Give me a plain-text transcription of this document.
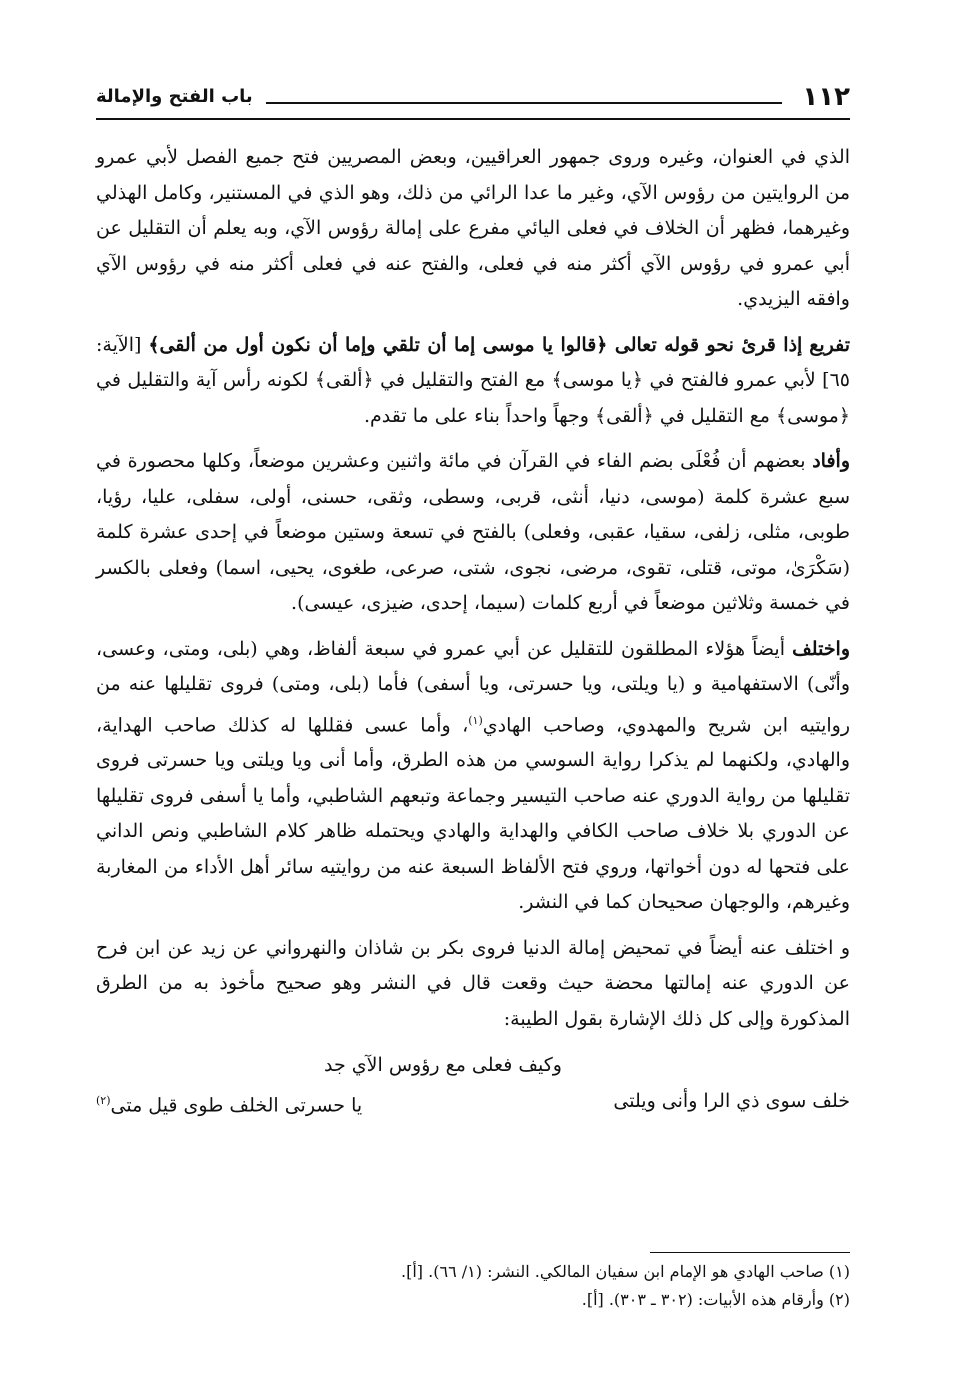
١١٢
باب الفتح والإمالة

الذي في العنوان، وغيره وروى جمهور العراقيين، وبعض المصريين فتح جميع الفصل لأبي عمرو من الروايتين من رؤوس الآي، وغير ما عدا الرائي من ذلك، وهو الذي في المستنير، وكامل الهذلي وغيرهما، فظهر أن الخلاف في فعلى اليائي مفرع على إمالة رؤوس الآي، وبه يعلم أن التقليل عن أبي عمرو في رؤوس الآي أكثر منه في فعلى، والفتح عنه في فعلى أكثر منه في رؤوس الآي وافقه اليزيدي.

تفريع إذا قرئ نحو قوله تعالى ﴿قالوا يا موسى إما أن تلقي وإما أن نكون أول من ألقى﴾ [الآية: ٦٥] لأبي عمرو فالفتح في ﴿يا موسى﴾ مع الفتح والتقليل في ﴿ألقى﴾ لكونه رأس آية والتقليل في ﴿موسى﴾ مع التقليل في ﴿ألقى﴾ وجهاً واحداً بناء على ما تقدم.

وأفاد بعضهم أن فُعْلَى بضم الفاء في القرآن في مائة واثنين وعشرين موضعاً، وكلها محصورة في سبع عشرة كلمة (موسى، دنيا، أنثى، قربى، وسطى، وثقى، حسنى، أولى، سفلى، عليا، رؤيا، طوبى، مثلى، زلفى، سقيا، عقبى، وفعلى) بالفتح في تسعة وستين موضعاً في إحدى عشرة كلمة (سَكْرَىٰ، موتى، قتلى، تقوى، مرضى، نجوى، شتى، صرعى، طغوى، يحيى، اسما) وفعلى بالكسر في خمسة وثلاثين موضعاً في أربع كلمات (سيما، إحدى، ضيزى، عيسى).

واختلف أيضاً هؤلاء المطلقون للتقليل عن أبي عمرو في سبعة ألفاظ، وهي (بلى، ومتى، وعسى، وأنّى) الاستفهامية و (يا ويلتى، ويا حسرتى، ويا أسفى) فأما (بلى، ومتى) فروى تقليلها عنه من روايتيه ابن شريح والمهدوي، وصاحب الهادي$^{(١)}$، وأما عسى فقللها له كذلك صاحب الهداية، والهادي، ولكنهما لم يذكرا رواية السوسي من هذه الطرق، وأما أنى ويا ويلتى ويا حسرتى فروى تقليلها من رواية الدوري عنه صاحب التيسير وجماعة وتبعهم الشاطبي، وأما يا أسفى فروى تقليلها عن الدوري بلا خلاف صاحب الكافي والهداية والهادي ويحتمله ظاهر كلام الشاطبي ونص الداني على فتحها له دون أخواتها، وروي فتح الألفاظ السبعة عنه من روايتيه سائر أهل الأداء من المغاربة وغيرهم، والوجهان صحيحان كما في النشر.

و اختلف عنه أيضاً في تمحيض إمالة الدنيا فروى بكر بن شاذان والنهرواني عن زيد عن ابن فرح عن الدوري عنه إمالتها محضة حيث وقعت قال في النشر وهو صحيح مأخوذ به من الطرق المذكورة وإلى كل ذلك الإشارة بقول الطيبة:

وكيف فعلى مع رؤوس الآي جد
خلف سوى ذي الرا وأنى ويلتى
يا حسرتى الخلف طوى قيل متى$^{(٢)}$
(١) صاحب الهادي هو الإمام ابن سفيان المالكي. النشر: (١/ ٦٦). [أ].
(٢) وأرقام هذه الأبيات: (٣٠٢ ـ ٣٠٣). [أ].
